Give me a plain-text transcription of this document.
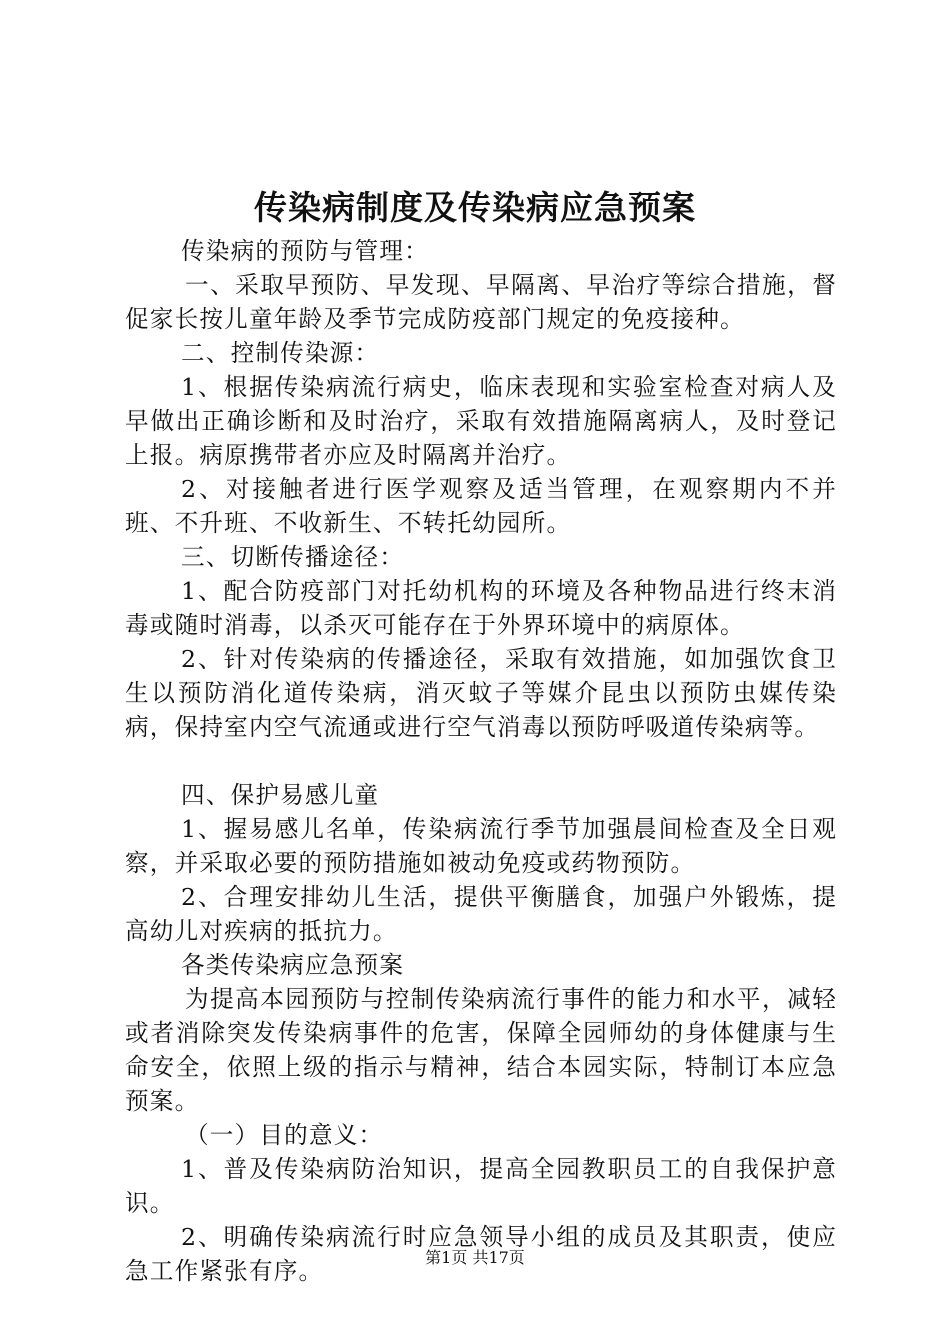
传染病制度及传染病应急预案

传染病的预防与管理：

一、采取早预防、早发现、早隔离、早治疗等综合措施，督促家长按儿童年龄及季节完成防疫部门规定的免疫接种。

二、控制传染源：

1、根据传染病流行病史，临床表现和实验室检查对病人及早做出正确诊断和及时治疗，采取有效措施隔离病人，及时登记上报。病原携带者亦应及时隔离并治疗。

2、对接触者进行医学观察及适当管理，在观察期内不并班、不升班、不收新生、不转托幼园所。

三、切断传播途径：

1、配合防疫部门对托幼机构的环境及各种物品进行终末消毒或随时消毒，以杀灭可能存在于外界环境中的病原体。

2、针对传染病的传播途径，采取有效措施，如加强饮食卫生以预防消化道传染病，消灭蚊子等媒介昆虫以预防虫媒传染病，保持室内空气流通或进行空气消毒以预防呼吸道传染病等。

四、保护易感儿童

1、握易感儿名单，传染病流行季节加强晨间检查及全日观察，并采取必要的预防措施如被动免疫或药物预防。

2、合理安排幼儿生活，提供平衡膳食，加强户外锻炼，提高幼儿对疾病的抵抗力。

各类传染病应急预案

为提高本园预防与控制传染病流行事件的能力和水平，减轻或者消除突发传染病事件的危害，保障全园师幼的身体健康与生命安全，依照上级的指示与精神，结合本园实际，特制订本应急预案。

（一）目的意义：

1、普及传染病防治知识，提高全园教职员工的自我保护意识。

2、明确传染病流行时应急领导小组的成员及其职责，使应急工作紧张有序。	第1页 共17页
